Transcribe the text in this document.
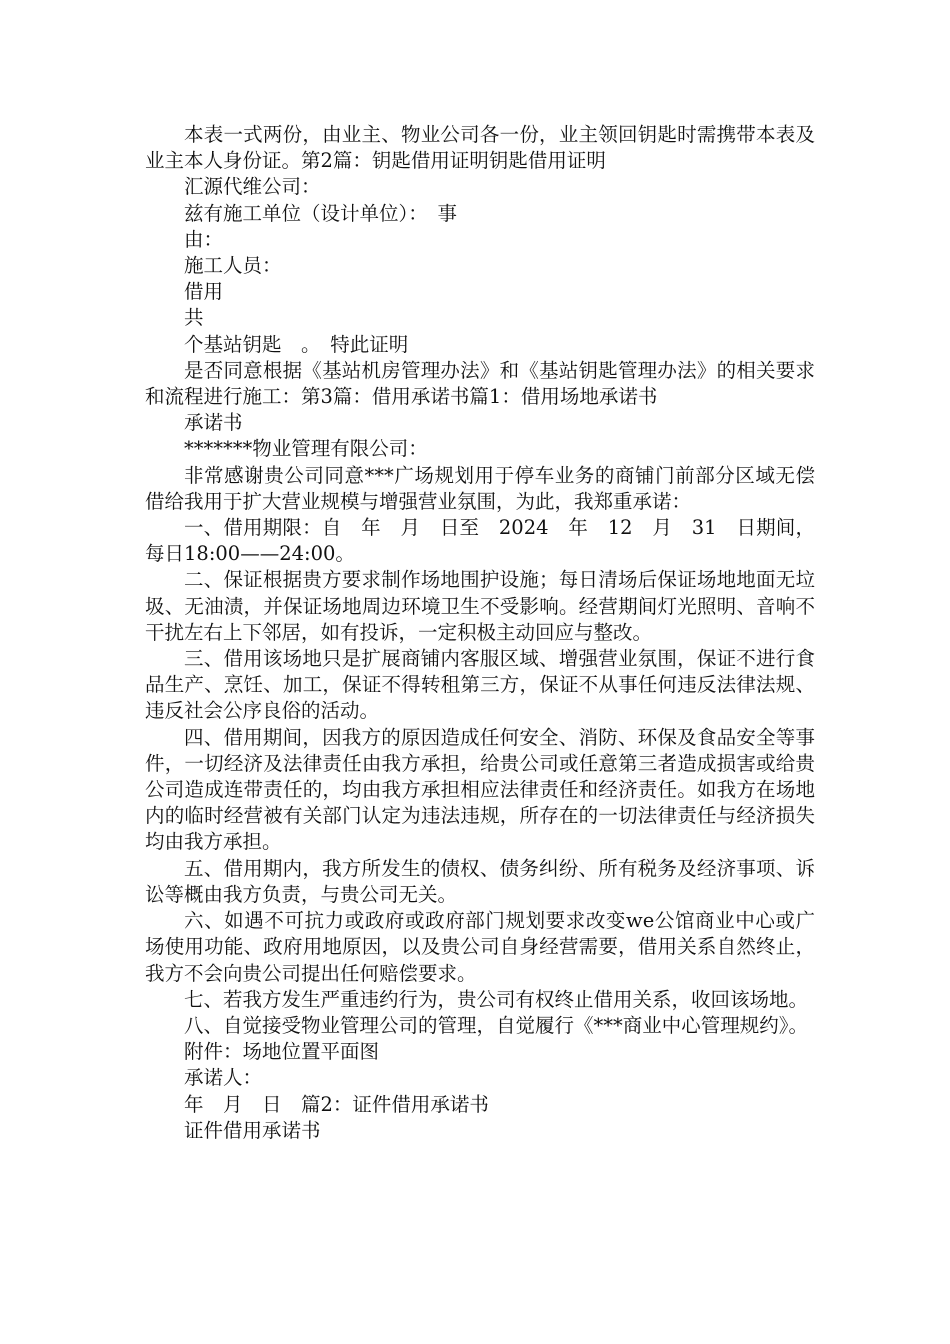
本表一式两份，由业主、物业公司各一份，业主领回钥匙时需携带本表及业主本人身份证。第2篇：钥匙借用证明钥匙借用证明

汇源代维公司：

兹有施工单位（设计单位）：　事

由：

施工人员：

借用

共

个基站钥匙　。　特此证明

是否同意根据《基站机房管理办法》和《基站钥匙管理办法》的相关要求和流程进行施工：第3篇：借用承诺书篇1：借用场地承诺书

承诺书

*******物业管理有限公司：

非常感谢贵公司同意***广场规划用于停车业务的商铺门前部分区域无偿借给我用于扩大营业规模与增强营业氛围，为此，我郑重承诺：

一、借用期限：自　年　月　日至　2024　年　12　月　31　日期间，每日18:00——24:00。

二、保证根据贵方要求制作场地围护设施；每日清场后保证场地地面无垃圾、无油渍，并保证场地周边环境卫生不受影响。经营期间灯光照明、音响不干扰左右上下邻居，如有投诉，一定积极主动回应与整改。

三、借用该场地只是扩展商铺内客服区域、增强营业氛围，保证不进行食品生产、烹饪、加工，保证不得转租第三方，保证不从事任何违反法律法规、违反社会公序良俗的活动。

四、借用期间，因我方的原因造成任何安全、消防、环保及食品安全等事件，一切经济及法律责任由我方承担，给贵公司或任意第三者造成损害或给贵公司造成连带责任的，均由我方承担相应法律责任和经济责任。如我方在场地内的临时经营被有关部门认定为违法违规，所存在的一切法律责任与经济损失均由我方承担。

五、借用期内，我方所发生的债权、债务纠纷、所有税务及经济事项、诉讼等概由我方负责，与贵公司无关。

六、如遇不可抗力或政府或政府部门规划要求改变we公馆商业中心或广场使用功能、政府用地原因，以及贵公司自身经营需要，借用关系自然终止，我方不会向贵公司提出任何赔偿要求。

七、若我方发生严重违约行为，贵公司有权终止借用关系，收回该场地。

八、自觉接受物业管理公司的管理，自觉履行《***商业中心管理规约》。

附件：场地位置平面图

承诺人：

年　月　日　篇2：证件借用承诺书

证件借用承诺书
